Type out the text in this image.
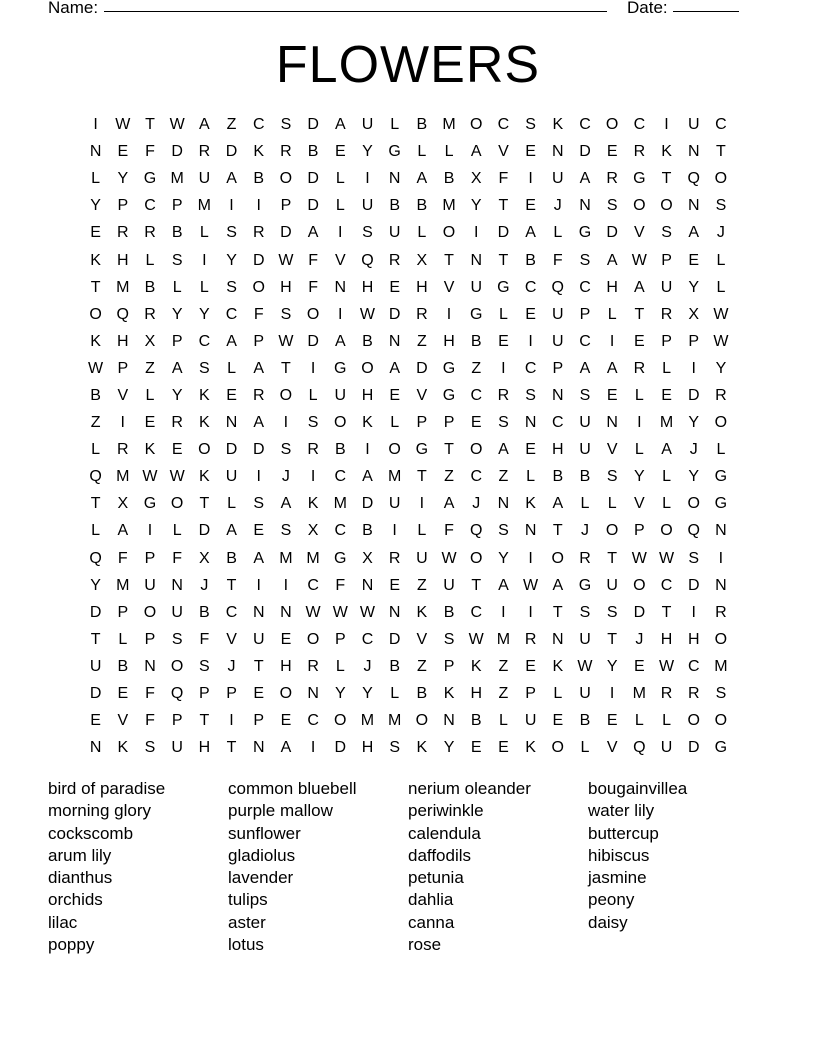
Name:	Date:
FLOWERS
I	W T W A	Z	C	S	D	A	U	L	B M O C	S	K	C O C	I	U C
N	E	F	D R D	K	R	B	E	Y G	L	L	A	V	E	N D	E	R	K	N	T
L	Y G M U	A	B O D	L	I	N	A	B	X	F	I	U	A	R G	T	Q O
Y	P	C	P M	I	I	P	D	L	U	B	B M Y	T	E	J	N	S O O N	S
E	R R	B	L	S	R D	A	I	S	U	L	O	I	D	A	L	G D	V	S	A	J
K	H	L	S	I	Y	D W F	V Q R	X	T	N	T	B	F	S	A W P	E	L
T M B	L	L	S O H	F	N H	E	H	V	U G C Q C H	A	U	Y	L
O Q R	Y	Y	C	F	S O	I	W D R	I	G	L	E	U	P	L	T	R	X W
K	H	X	P	C	A	P W D	A	B	N	Z	H	B	E	I	U C	I	E	P	P W
W P	Z	A	S	L	A	T	I	G O A	D G	Z	I	C	P	A	A	R	L	I	Y
B	V	L	Y	K	E	R O	L	U H	E	V G C R	S	N	S	E	L	E	D R
Z	I	E	R	K	N	A	I	S O K	L	P	P	E	S	N C U N	I	M Y O
L	R	K	E O D D	S	R	B	I	O G	T	O A	E	H U	V	L	A	J	L
Q M W W K	U	I	J	I	C	A M T	Z	C	Z	L	B	B	S	Y	L	Y G
T	X G O	T	L	S	A	K M D U	I	A	J	N	K	A	L	L	V	L	O G
L	A	I	L	D	A	E	S	X	C	B	I	L	F	Q S	N	T	J	O P O Q N
Q	F	P	F	X	B	A M M G X	R U W O Y	I	O R	T W W S	I
Y M U N	J	T	I	I	C	F	N	E	Z	U	T	A W A G U O C D N
D	P O U	B	C N N W W W N	K	B	C	I	I	T	S	S	D	T	I	R
T	L	P	S	F	V	U	E O P	C D	V	S W M R N U	T	J	H H O
U	B	N O S	J	T	H R	L	J	B	Z	P	K	Z	E	K W Y	E W C M
D	E	F	Q P	P	E O N	Y	Y	L	B	K	H	Z	P	L	U	I	M R R	S
E	V	F	P	T	I	P	E	C O M M O N	B	L	U	E	B	E	L	L	O O
N	K	S	U H	T	N	A	I	D H	S	K	Y	E	E	K O	L	V Q U D G
bird of paradise
morning glory
cockscomb
arum lily
dianthus
orchids
lilac
poppy
common bluebell
purple mallow
sunflower
gladiolus
lavender
tulips
aster
lotus
nerium oleander
periwinkle
calendula
daffodils
petunia
dahlia
canna
rose
bougainvillea
water lily
buttercup
hibiscus
jasmine
peony
daisy
